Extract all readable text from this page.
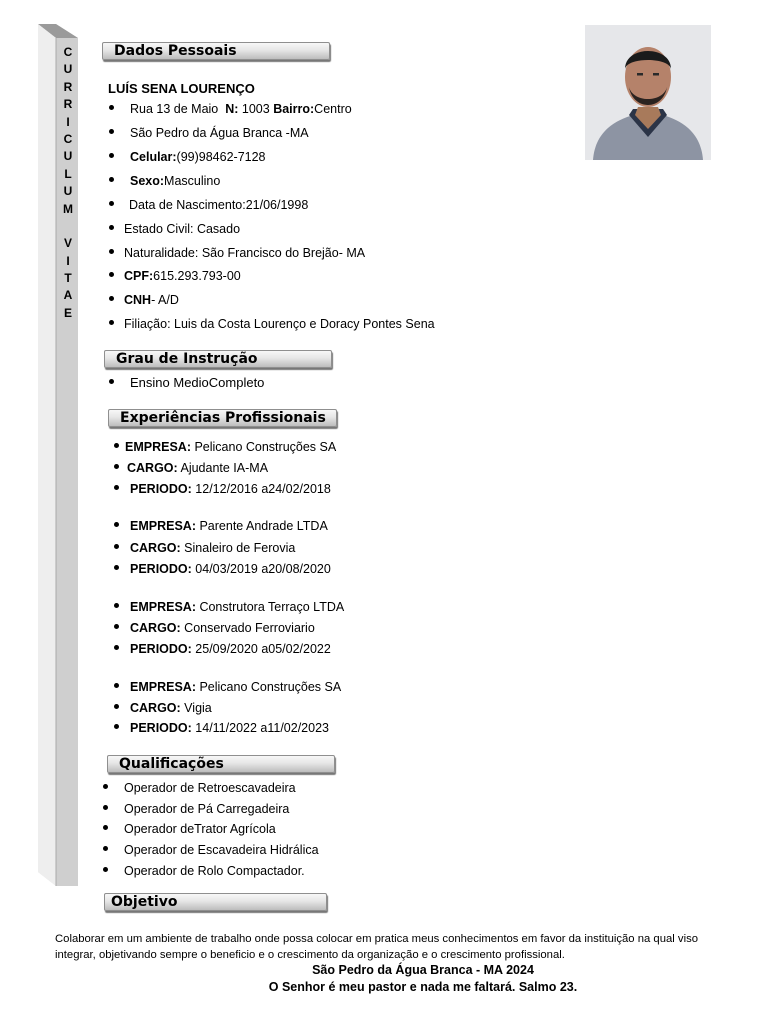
C
U
R
R
I
C
U
L
U
M
V
I
T
A
E
Dados Pessoais
LUÍS SENA LOURENÇO
Rua 13 de Maio N: 1003 Bairro:Centro
São Pedro da Água Branca -MA
Celular:(99)98462-7128
Sexo:Masculino
Data de Nascimento:21/06/1998
Estado Civil: Casado
Naturalidade: São Francisco do Brejão- MA
CPF:615.293.793-00
CNH- A/D
Filiação: Luis da Costa Lourenço e Doracy Pontes Sena
Grau de Instrução
Ensino MedioCompleto
Experiências Profissionais
EMPRESA: Pelicano Construções SA
CARGO: Ajudante IA-MA
PERIODO: 12/12/2016 a24/02/2018
EMPRESA: Parente Andrade LTDA
CARGO: Sinaleiro de Ferovia
PERIODO: 04/03/2019 a20/08/2020
EMPRESA: Construtora Terraço LTDA
CARGO: Conservado Ferroviario
PERIODO: 25/09/2020 a05/02/2022
EMPRESA: Pelicano Construções SA
CARGO: Vigia
PERIODO: 14/11/2022 a11/02/2023
Qualificações
Operador de Retroescavadeira
Operador de Pá Carregadeira
Operador deTrator Agrícola
Operador de Escavadeira Hidrálica
Operador de Rolo Compactador.
Objetivo
Colaborar em um ambiente de trabalho onde possa colocar em pratica meus conhecimentos em favor da instituição na qual viso integrar, objetivando sempre o beneficio e o crescimento da organização e o crescimento profissional.
São Pedro da Água Branca - MA 2024
O Senhor é meu pastor e nada me faltará. Salmo 23.
